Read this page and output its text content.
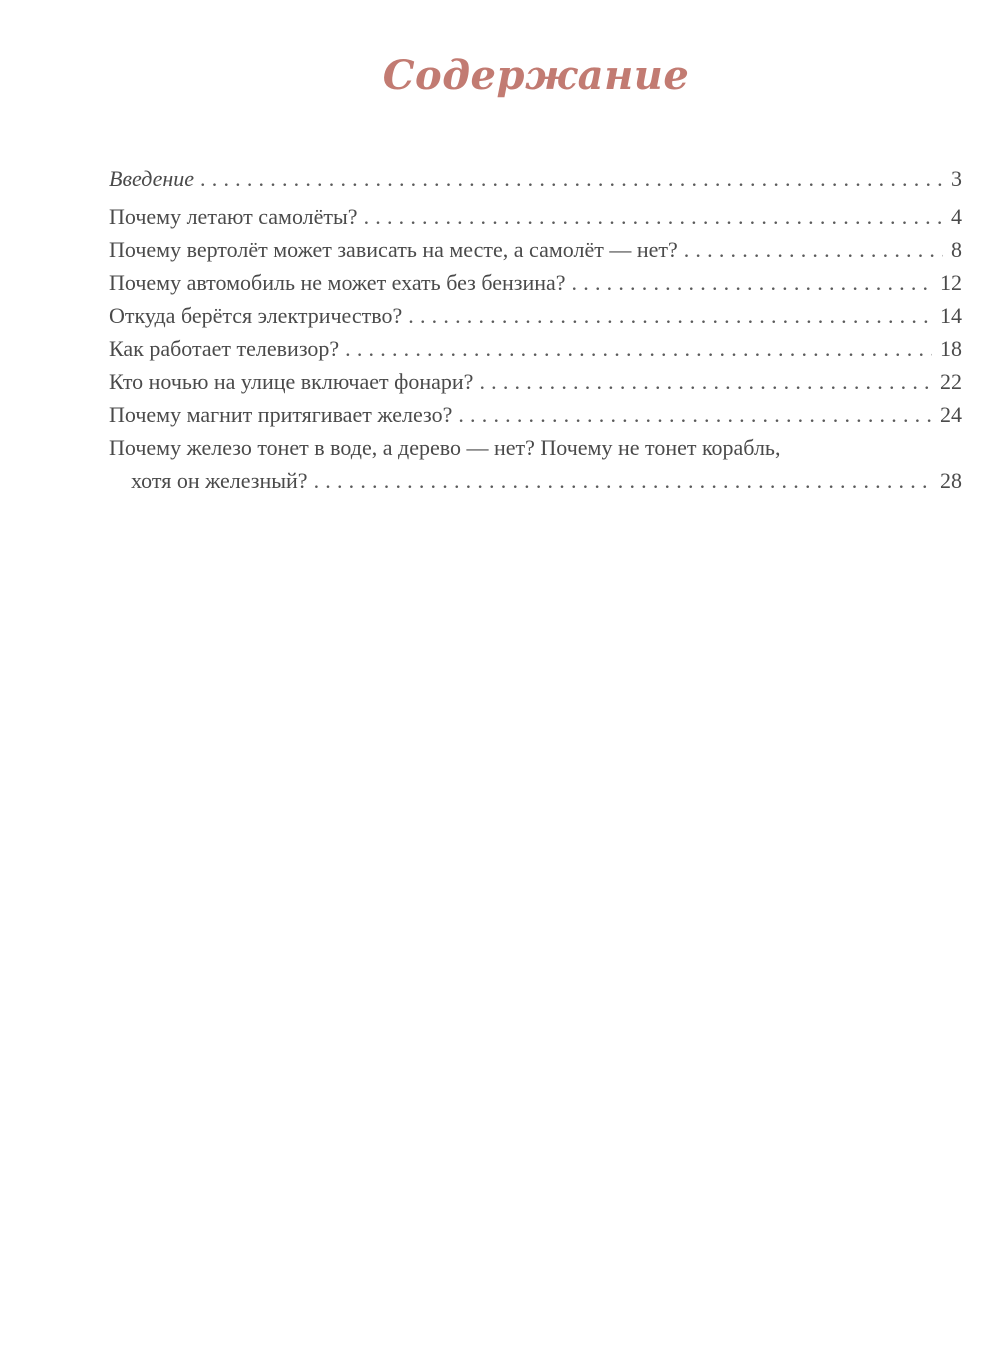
Содержание
Введение . . .	3
Почему летают самолёты? . . .	4
Почему вертолёт может зависать на месте, а самолёт — нет? . . .	8
Почему автомобиль не может ехать без бензина? . . .	12
Откуда берётся электричество? . . .	14
Как работает телевизор? . . .	18
Кто ночью на улице включает фонари? . . .	22
Почему магнит притягивает железо? . . .	24
Почему железо тонет в воде, а дерево — нет? Почему не тонет корабль,
хотя он железный? . . .	28
